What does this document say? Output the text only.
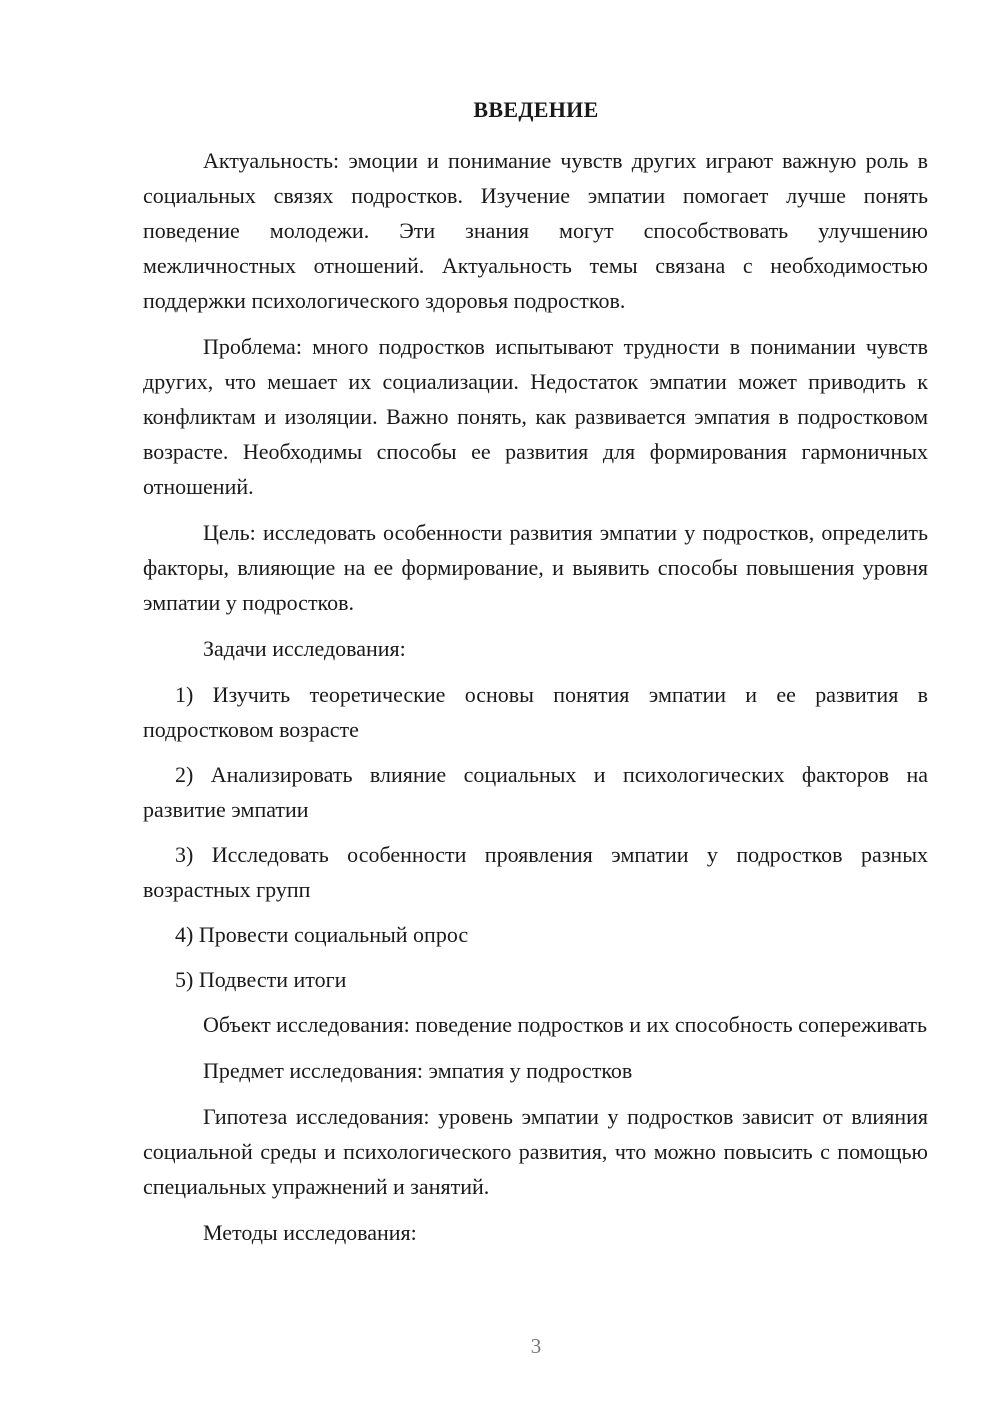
ВВЕДЕНИЕ

Актуальность: эмоции и понимание чувств других играют важную роль в социальных связях подростков. Изучение эмпатии помогает лучше понять поведение молодежи. Эти знания могут способствовать улучшению межличностных отношений. Актуальность темы связана с необходимостью поддержки психологического здоровья подростков.

Проблема: много подростков испытывают трудности в понимании чувств других, что мешает их социализации. Недостаток эмпатии может приводить к конфликтам и изоляции. Важно понять, как развивается эмпатия в подростковом возрасте. Необходимы способы ее развития для формирования гармоничных отношений.

Цель: исследовать особенности развития эмпатии у подростков, определить факторы, влияющие на ее формирование, и выявить способы повышения уровня эмпатии у подростков.

Задачи исследования:

1) Изучить теоретические основы понятия эмпатии и ее развития в подростковом возрасте

2) Анализировать влияние социальных и психологических факторов на развитие эмпатии

3) Исследовать особенности проявления эмпатии у подростков разных возрастных групп

4) Провести социальный опрос

5) Подвести итоги

Объект исследования: поведение подростков и их способность сопереживать

Предмет исследования: эмпатия у подростков

Гипотеза исследования: уровень эмпатии у подростков зависит от влияния социальной среды и психологического развития, что можно повысить с помощью специальных упражнений и занятий.

Методы исследования:

3
